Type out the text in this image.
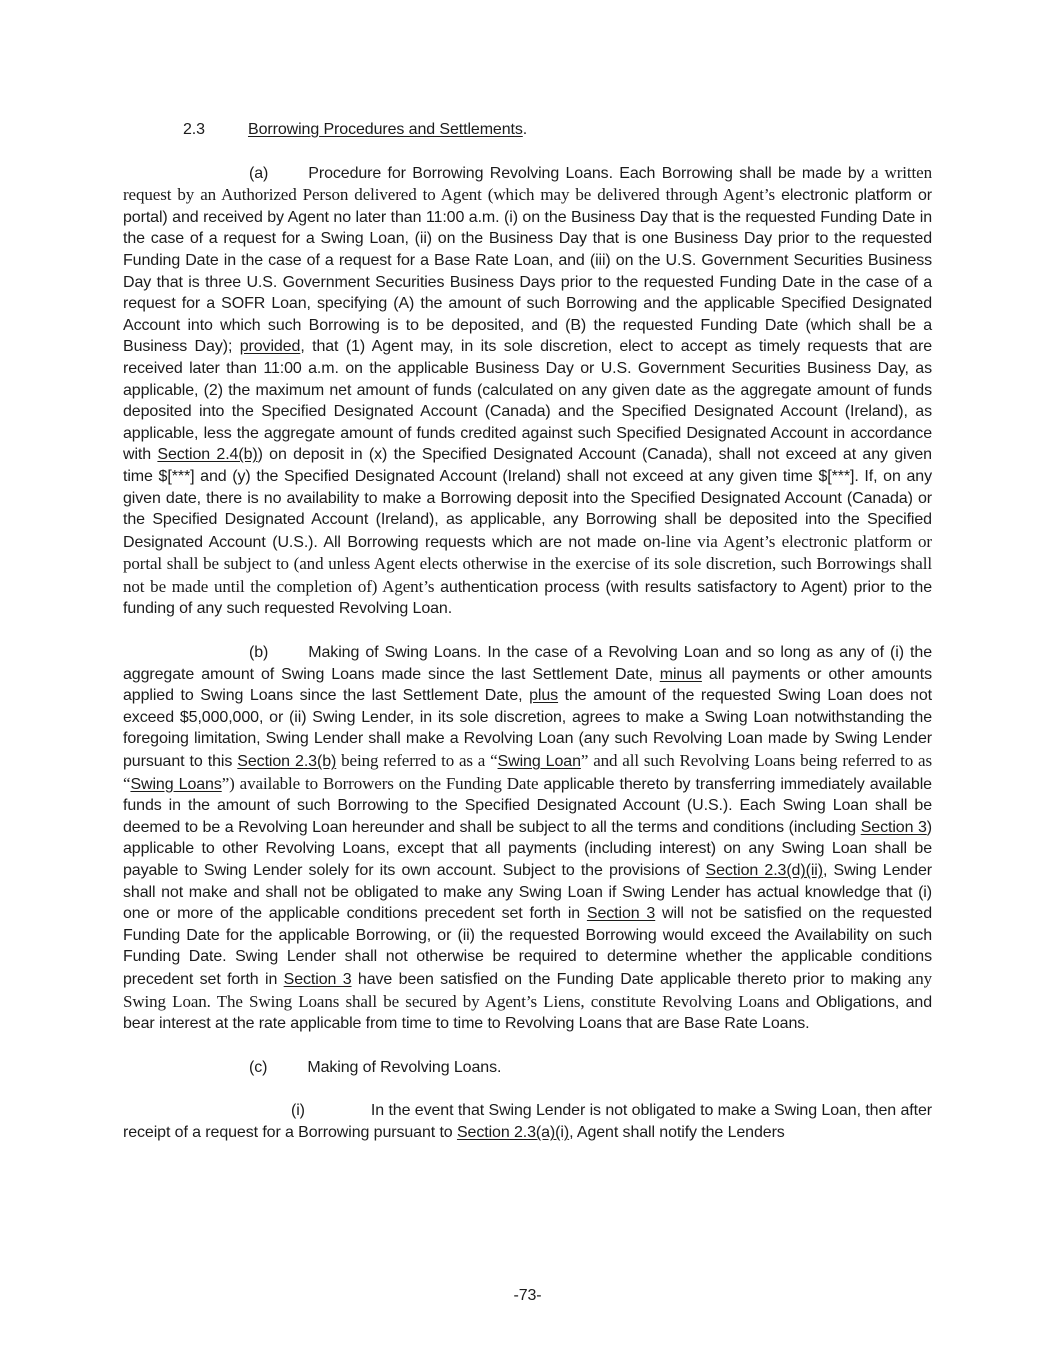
2.3	Borrowing Procedures and Settlements.

(a)	Procedure for Borrowing Revolving Loans. Each Borrowing shall be made by a written request by an Authorized Person delivered to Agent (which may be delivered through Agent’s electronic platform or portal) and received by Agent no later than 11:00 a.m. (i) on the Business Day that is the requested Funding Date in the case of a request for a Swing Loan, (ii) on the Business Day that is one Business Day prior to the requested Funding Date in the case of a request for a Base Rate Loan, and (iii) on the U.S. Government Securities Business Day that is three U.S. Government Securities Business Days prior to the requested Funding Date in the case of a request for a SOFR Loan, specifying (A) the amount of such Borrowing and the applicable Specified Designated Account into which such Borrowing is to be deposited, and (B) the requested Funding Date (which shall be a Business Day); provided, that (1) Agent may, in its sole discretion, elect to accept as timely requests that are received later than 11:00 a.m. on the applicable Business Day or U.S. Government Securities Business Day, as applicable, (2) the maximum net amount of funds (calculated on any given date as the aggregate amount of funds deposited into the Specified Designated Account (Canada) and the Specified Designated Account (Ireland), as applicable, less the aggregate amount of funds credited against such Specified Designated Account in accordance with Section 2.4(b)) on deposit in (x) the Specified Designated Account (Canada), shall not exceed at any given time $[***] and (y) the Specified Designated Account (Ireland) shall not exceed at any given time $[***]. If, on any given date, there is no availability to make a Borrowing deposit into the Specified Designated Account (Canada) or the Specified Designated Account (Ireland), as applicable, any Borrowing shall be deposited into the Specified Designated Account (U.S.). All Borrowing requests which are not made on-line via Agent’s electronic platform or portal shall be subject to (and unless Agent elects otherwise in the exercise of its sole discretion, such Borrowings shall not be made until the completion of) Agent’s authentication process (with results satisfactory to Agent) prior to the funding of any such requested Revolving Loan.

(b)	Making of Swing Loans. In the case of a Revolving Loan and so long as any of (i) the aggregate amount of Swing Loans made since the last Settlement Date, minus all payments or other amounts applied to Swing Loans since the last Settlement Date, plus the amount of the requested Swing Loan does not exceed $5,000,000, or (ii) Swing Lender, in its sole discretion, agrees to make a Swing Loan notwithstanding the foregoing limitation, Swing Lender shall make a Revolving Loan (any such Revolving Loan made by Swing Lender pursuant to this Section 2.3(b) being referred to as a “Swing Loan” and all such Revolving Loans being referred to as “Swing Loans”) available to Borrowers on the Funding Date applicable thereto by transferring immediately available funds in the amount of such Borrowing to the Specified Designated Account (U.S.). Each Swing Loan shall be deemed to be a Revolving Loan hereunder and shall be subject to all the terms and conditions (including Section 3) applicable to other Revolving Loans, except that all payments (including interest) on any Swing Loan shall be payable to Swing Lender solely for its own account. Subject to the provisions of Section 2.3(d)(ii), Swing Lender shall not make and shall not be obligated to make any Swing Loan if Swing Lender has actual knowledge that (i) one or more of the applicable conditions precedent set forth in Section 3 will not be satisfied on the requested Funding Date for the applicable Borrowing, or (ii) the requested Borrowing would exceed the Availability on such Funding Date. Swing Lender shall not otherwise be required to determine whether the applicable conditions precedent set forth in Section 3 have been satisfied on the Funding Date applicable thereto prior to making any Swing Loan. The Swing Loans shall be secured by Agent’s Liens, constitute Revolving Loans and Obligations, and bear interest at the rate applicable from time to time to Revolving Loans that are Base Rate Loans.

(c)	Making of Revolving Loans.

(i)	In the event that Swing Lender is not obligated to make a Swing Loan, then after receipt of a request for a Borrowing pursuant to Section 2.3(a)(i), Agent shall notify the Lenders

-73-
